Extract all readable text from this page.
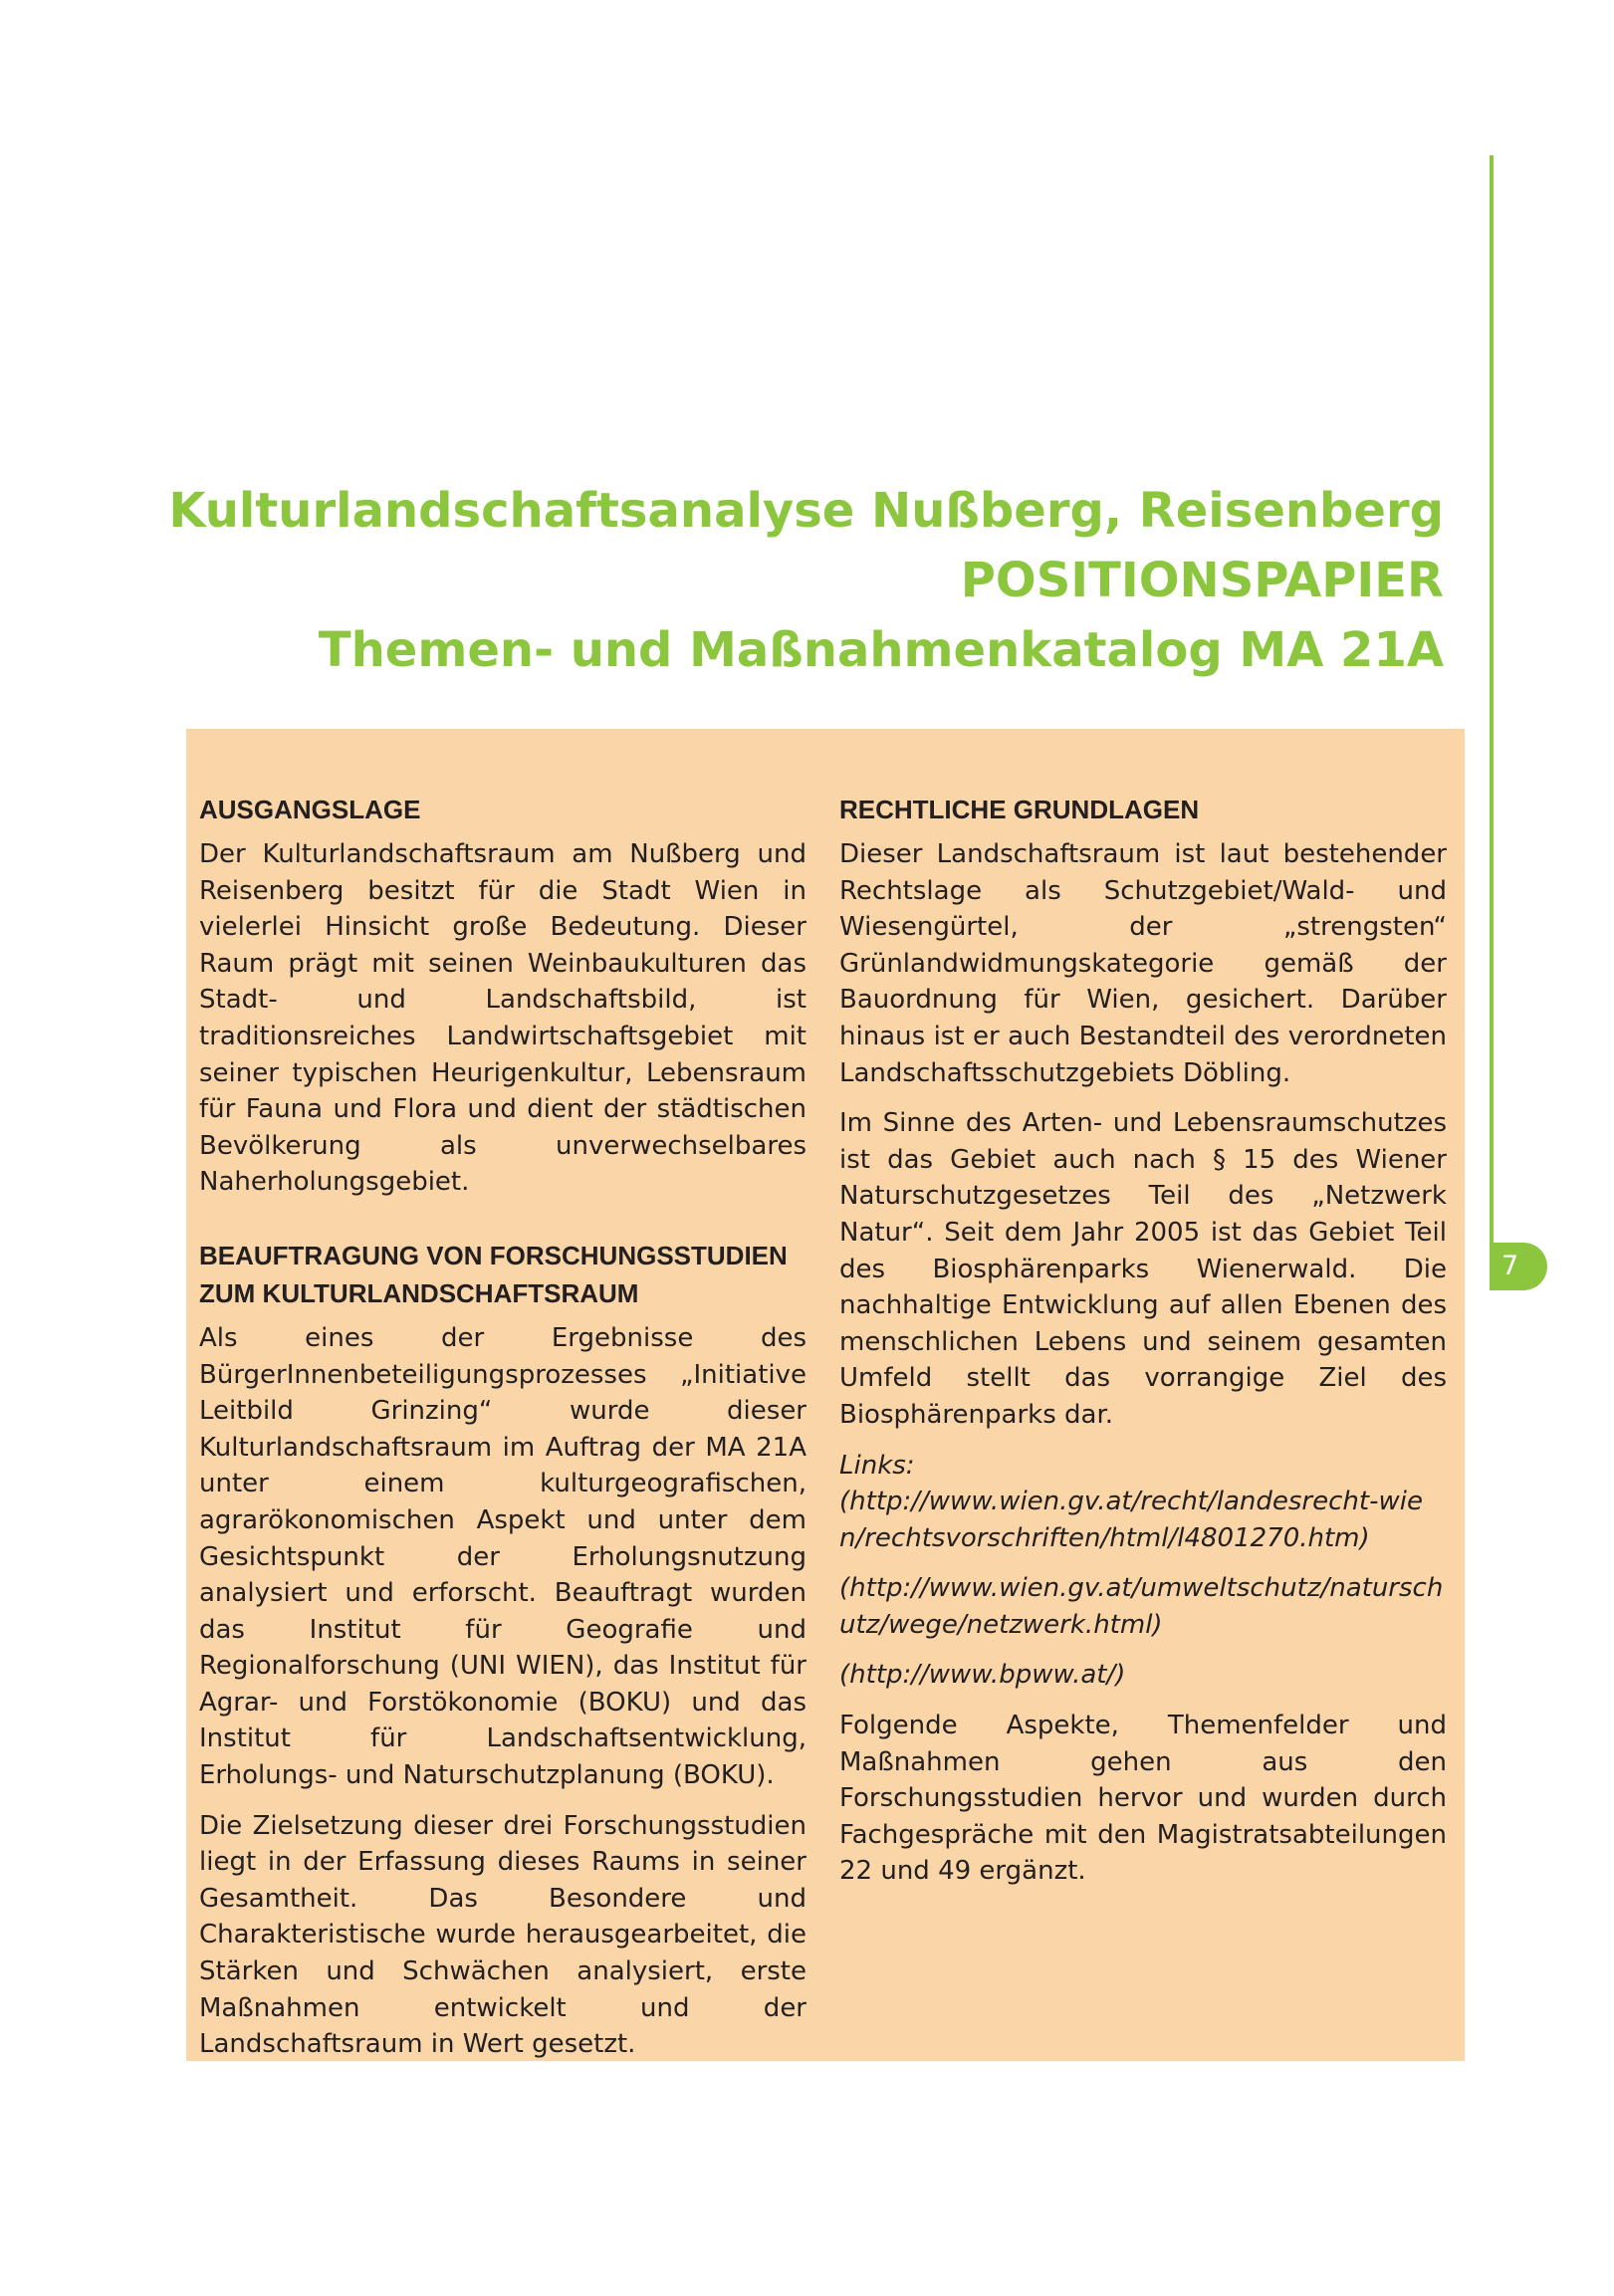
7
Kulturlandschaftsanalyse Nußberg, Reisenberg
POSITIONSPAPIER
Themen- und Maßnahmenkatalog MA 21A
AUSGANGSLAGE

Der Kulturlandschaftsraum am Nußberg und Reisenberg besitzt für die Stadt Wien in vielerlei Hinsicht große Bedeutung. Dieser Raum prägt mit seinen Weinbaukulturen das Stadt- und Landschaftsbild, ist traditionsreiches Landwirtschaftsgebiet mit seiner typischen Heurigenkultur, Lebensraum für Fauna und Flora und dient der städtischen Bevölkerung als unverwechselbares Naherholungsgebiet.

BEAUFTRAGUNG VON FORSCHUNGSSTUDIEN ZUM KULTURLANDSCHAFTSRAUM

Als eines der Ergebnisse des BürgerInnenbeteiligungsprozesses „Initiative Leitbild Grinzing“ wurde dieser Kulturlandschaftsraum im Auftrag der MA 21A unter einem kulturgeografischen, agrarökonomischen Aspekt und unter dem Gesichtspunkt der Erholungsnutzung analysiert und erforscht. Beauftragt wurden das Institut für Geografie und Regionalforschung (UNI WIEN), das Institut für Agrar- und Forstökonomie (BOKU) und das Institut für Landschaftsentwicklung, Erholungs- und Naturschutzplanung (BOKU).

Die Zielsetzung dieser drei Forschungsstudien liegt in der Erfassung dieses Raums in seiner Gesamtheit. Das Besondere und Charakteristische wurde herausgearbeitet, die Stärken und Schwächen analysiert, erste Maßnahmen entwickelt und der Landschaftsraum in Wert gesetzt.

RECHTLICHE GRUNDLAGEN

Dieser Landschaftsraum ist laut bestehender Rechtslage als Schutzgebiet/Wald- und Wiesengürtel, der „strengsten“ Grünlandwidmungskategorie gemäß der Bauordnung für Wien, gesichert. Darüber hinaus ist er auch Bestandteil des verordneten Landschaftsschutzgebiets Döbling.

Im Sinne des Arten- und Lebensraumschutzes ist das Gebiet auch nach § 15 des Wiener Naturschutzgesetzes Teil des „Netzwerk Natur“. Seit dem Jahr 2005 ist das Gebiet Teil des Biosphärenparks Wienerwald. Die nachhaltige Entwicklung auf allen Ebenen des menschlichen Lebens und seinem gesamten Umfeld stellt das vorrangige Ziel des Biosphärenparks dar.

Links:

(http://www.wien.gv.at/recht/landesrecht-wien/rechtsvorschriften/html/l4801270.htm)

(http://www.wien.gv.at/umweltschutz/naturschutz/wege/netzwerk.html)

(http://www.bpww.at/)

Folgende Aspekte, Themenfelder und Maßnahmen gehen aus den Forschungsstudien hervor und wurden durch Fachgespräche mit den Magistratsabteilungen 22 und 49 ergänzt.
